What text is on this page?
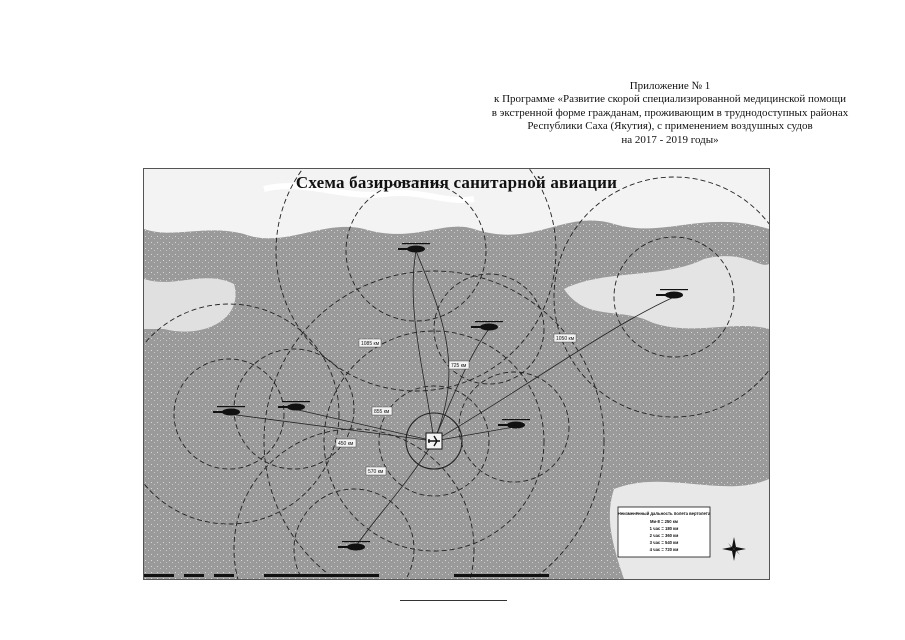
Приложение № 1
к Программе «Развитие скорой специализированной медицинской помощи
в экстренной форме гражданам, проживающим в труднодоступных районах
Республики Саха (Якутия), с применением воздушных судов
на 2017 - 2019 годы»
1085 км
725 км
1050 км
855 км
450 км
570 км
Неизменённый дальность полета вертолета
Ми-8 = 250 км
1 час = 180 км
2 час = 360 км
3 час = 540 км
4 час = 720 км
Схема базирования санитарной авиации
